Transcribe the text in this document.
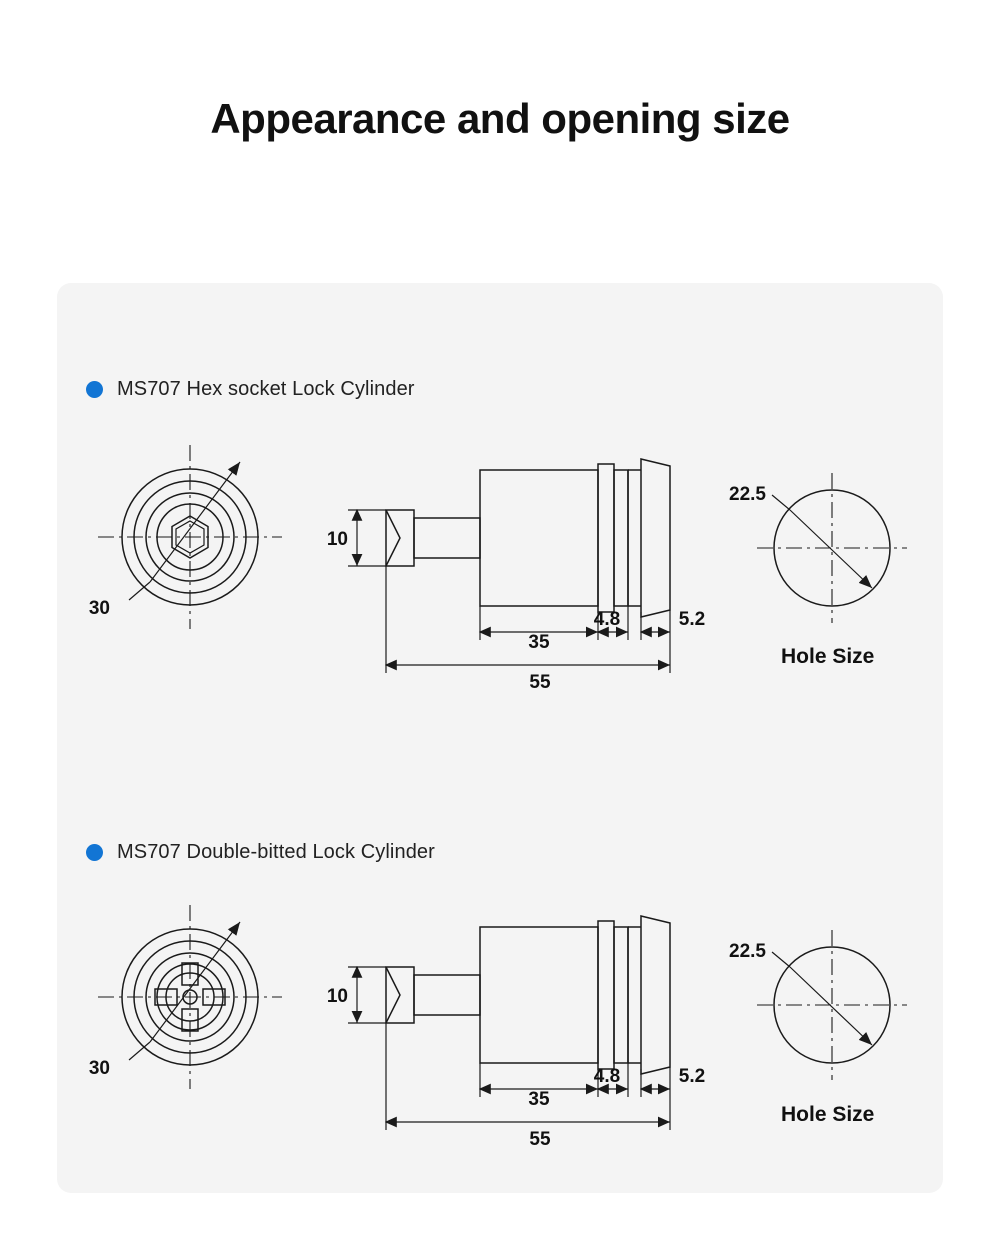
Appearance and opening size
MS707 Hex socket Lock Cylinder
MS707 Double-bitted Lock Cylinder
Hole Size
Hole Size
30
10
35
4.8	5.2
55
22.5
30
10
35
4.8	5.2
55
22.5
